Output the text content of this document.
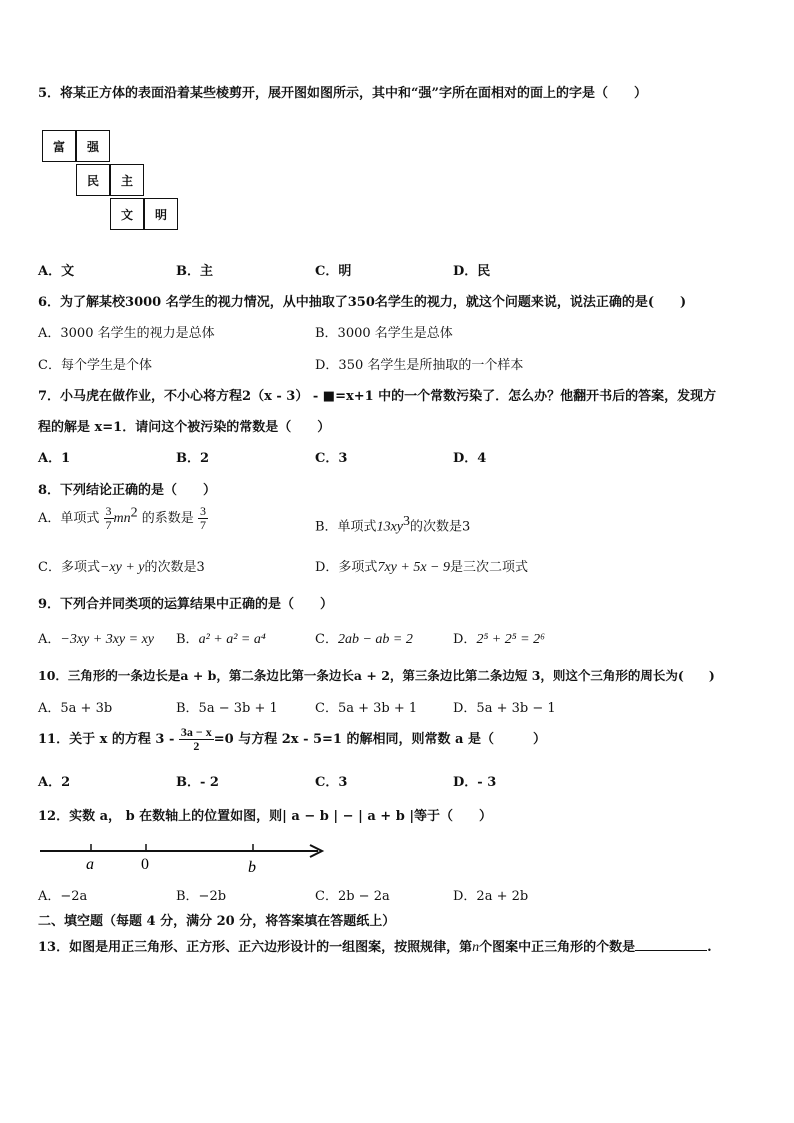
5．将某正方体的表面沿着某些棱剪开，展开图如图所示，其中和“强”字所在面相对的面上的字是（　　）
富	强
民	主
文	明
A．文	B．主	C．明	D．民
6．为了解某校3000 名学生的视力情况，从中抽取了350名学生的视力，就这个问题来说，说法正确的是(　　)
A．3000 名学生的视力是总体	B．3000 名学生是总体
C．每个学生是个体	D．350 名学生是所抽取的一个样本
7．小马虎在做作业，不小心将方程2（x - 3） - ■=x+1 中的一个常数污染了．怎么办？他翻开书后的答案，发现方
程的解是 x=1．请问这个被污染的常数是（　　）
A．1	B．2	C．3	D．4
8．下列结论正确的是（　　）
A．单项式 $\frac{3}{7} mn^2$ 的系数是 $\frac{3}{7}$	B．单项式$13xy^3$的次数是3
C．多项式−xy + y的次数是3	D．多项式7xy + 5x − 9是三次二项式
9．下列合并同类项的运算结果中正确的是（　　）
A．−3xy + 3xy = xy B．a² + a² = a⁴	C．2ab − ab = 2	D．2⁵ + 2⁵ = 2⁶
10．三角形的一条边长是a + b，第二条边比第一条边长a + 2，第三条边比第二条边短 3，则这个三角形的周长为(　　)
A．5a + 3b	B．5a − 3b + 1	C．5a + 3b + 1	D．5a + 3b − 1
11．关于 x 的方程 $3 - \frac{3a - x}{2} =0$ 与方程 2x - 5=1 的解相同，则常数 a 是（　　　）
A．2	B．- 2	C．3	D．- 3
12．实数 a， b 在数轴上的位置如图，则| a − b | − | a + b |等于（　　）
a	0	b
A．−2a	B．−2b	C．2b − 2a	D．2a + 2b
二、填空题（每题 4 分，满分 20 分，将答案填在答题纸上）
13．如图是用正三角形、正方形、正六边形设计的一组图案，按照规律，第n个图案中正三角形的个数是	.
